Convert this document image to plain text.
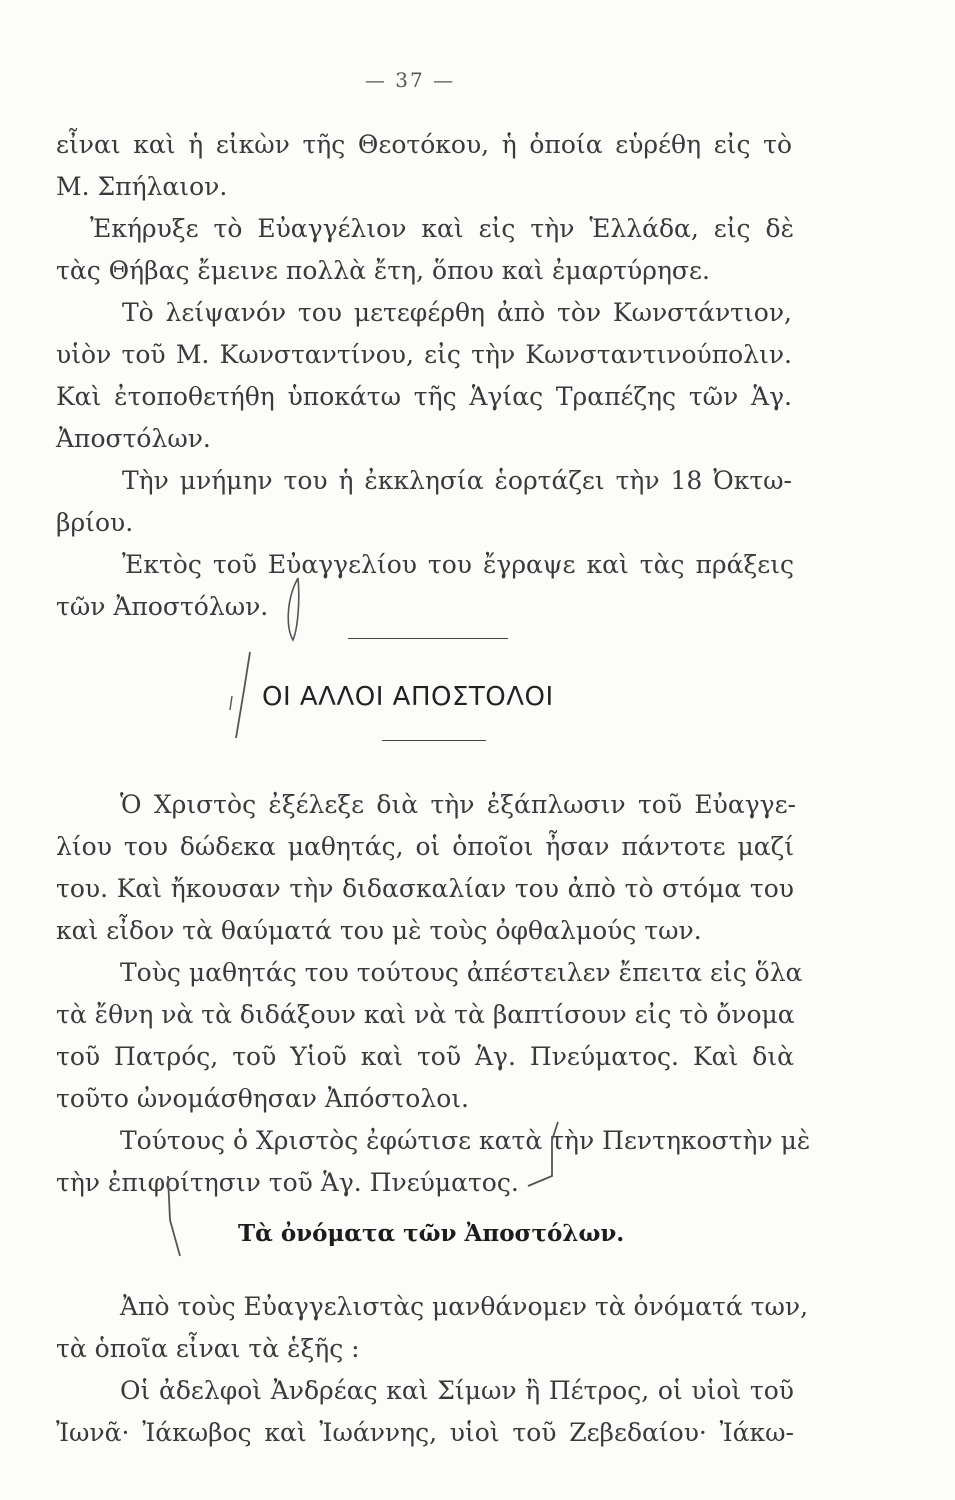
— 37 —
εἶναι καὶ ἡ εἰκὼν τῆς Θεοτόκου, ἡ ὁποία εὑρέθη εἰς τὸ
Μ. Σπήλαιον.
Ἐκήρυξε τὸ Εὐαγγέλιον καὶ εἰς τὴν Ἑλλάδα, εἰς δὲ
τὰς Θήβας ἔμεινε πολλὰ ἔτη, ὅπου καὶ ἐμαρτύρησε.
Τὸ λείψανόν του μετεφέρθη ἀπὸ τὸν Κωνστάντιον,
υἱὸν τοῦ Μ. Κωνσταντίνου, εἰς τὴν Κωνσταντινούπολιν.
Καὶ ἐτοποθετήθη ὑποκάτω τῆς Ἁγίας Τραπέζης τῶν Ἁγ.
Ἀποστόλων.
Τὴν μνήμην του ἡ ἐκκλησία ἑορτάζει τὴν 18 Ὀκτω-
βρίου.
Ἐκτὸς τοῦ Εὐαγγελίου του ἔγραψε καὶ τὰς πράξεις
τῶν Ἀποστόλων.
ΟΙ ΑΛΛΟΙ ΑΠΟΣΤΟΛΟΙ
Ὁ Χριστὸς ἐξέλεξε διὰ τὴν ἐξάπλωσιν τοῦ Εὐαγγε-
λίου του δώδεκα μαθητάς, οἱ ὁποῖοι ἦσαν πάντοτε μαζί
του. Καὶ ἤκουσαν τὴν διδασκαλίαν του ἀπὸ τὸ στόμα του
καὶ εἶδον τὰ θαύματά του μὲ τοὺς ὀφθαλμούς των.
Τοὺς μαθητάς του τούτους ἀπέστειλεν ἔπειτα εἰς ὅλα
τὰ ἔθνη νὰ τὰ διδάξουν καὶ νὰ τὰ βαπτίσουν εἰς τὸ ὄνομα
τοῦ Πατρός, τοῦ Υἱοῦ καὶ τοῦ Ἁγ. Πνεύματος. Καὶ διὰ
τοῦτο ὠνομάσθησαν Ἀπόστολοι.
Τούτους ὁ Χριστὸς ἐφώτισε κατὰ τὴν Πεντηκοστὴν μὲ
τὴν ἐπιφοίτησιν τοῦ Ἁγ. Πνεύματος.
Τὰ ὀνόματα τῶν Ἀποστόλων.
Ἀπὸ τοὺς Εὐαγγελιστὰς μανθάνομεν τὰ ὀνόματά των,
τὰ ὁποῖα εἶναι τὰ ἑξῆς :
Οἱ ἀδελφοὶ Ἀνδρέας καὶ Σίμων ἢ Πέτρος, οἱ υἱοὶ τοῦ
Ἰωνᾶ· Ἰάκωβος καὶ Ἰωάννης, υἱοὶ τοῦ Ζεβεδαίου· Ἰάκω-
